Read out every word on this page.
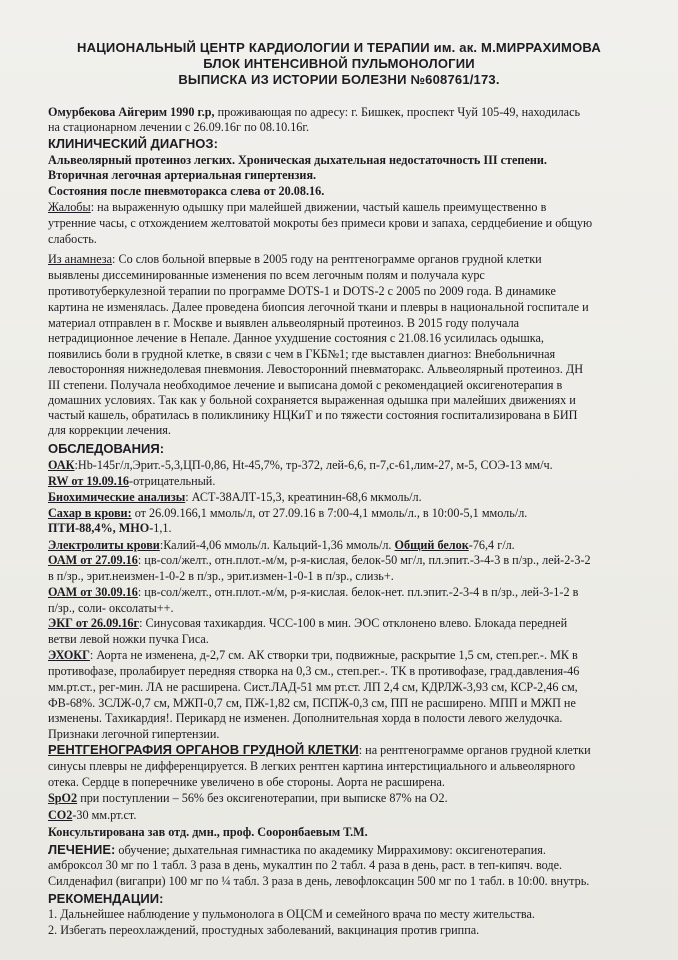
НАЦИОНАЛЬНЫЙ ЦЕНТР КАРДИОЛОГИИ И ТЕРАПИИ им. ак. М.МИРРАХИМОВА
БЛОК ИНТЕНСИВНОЙ ПУЛЬМОНОЛОГИИ
ВЫПИСКА ИЗ ИСТОРИИ БОЛЕЗНИ №608761/173.
Омурбекова Айгерим 1990 г.р, проживающая по адресу: г. Бишкек, проспект Чуй 105-49, находилась
на стационарном лечении с 26.09.16г по 08.10.16г.
КЛИНИЧЕСКИЙ ДИАГНОЗ:
Альвеолярный протеиноз легких. Хроническая дыхательная недостаточность III степени.
Вторичная легочная артериальная гипертензия.
Состояния после пневмоторакса слева от 20.08.16.
Жалобы: на выраженную одышку при малейшей движении, частый кашель преимущественно в
утренние часы, с отхождением желтоватой мокроты без примеси крови и запаха, сердцебиение и общую
слабость.
Из анамнеза: Со слов больной впервые в 2005 году на рентгенограмме органов грудной клетки
выявлены диссеминированные изменения по всем легочным полям и получала курс
противотуберкулезной терапии по программе DOTS-1 и DOTS-2 с 2005 по 2009 года. В динамике
картина не изменялась. Далее проведена биопсия легочной ткани и плевры в национальной госпитале и
материал отправлен в г. Москве и выявлен альвеолярный протеиноз. В 2015 году получала
нетрадиционное лечение в Непале. Данное ухудшение состояния с 21.08.16 усилилась одышка,
появились боли в грудной клетке, в связи с чем в ГКБ№1; где выставлен диагноз: Внебольничная
левосторонняя нижнедолевая пневмония. Левосторонний пневматоракс. Альвеолярный протеиноз. ДН
III степени. Получала необходимое лечение и выписана домой с рекомендацией оксигенотерапия в
домашних условиях. Так как у больной сохраняется выраженная одышка при малейших движениях и
частый кашель, обратилась в поликлинику НЦКиТ и по тяжести состояния госпитализирована в БИП
для коррекции лечения.
ОБСЛЕДОВАНИЯ:
ОАК:Hb-145г/л,Эрит.-5,3,ЦП-0,86, Ht-45,7%, тр-372, лей-6,6, п-7,с-61,лим-27, м-5, СОЭ-13 мм/ч.
RW от 19.09.16-отрицательный.
Биохимические анализы: АСТ-38АЛТ-15,3, креатинин-68,6 мкмоль/л.
Сахар в крови: от 26.09.166,1 ммоль/л, от 27.09.16 в 7:00-4,1 ммоль/л., в 10:00-5,1 ммоль/л.
ПТИ-88,4%, МНО-1,1.
Электролиты крови:Калий-4,06 ммоль/л. Кальций-1,36 ммоль/л. Общий белок-76,4 г/л.
ОАМ от 27.09.16: цв-сол/желт., отн.плот.-м/м, р-я-кислая, белок-50 мг/л, пл.эпит.-3-4-3 в п/зр., лей-2-3-2
в п/зр., эрит.неизмен-1-0-2 в п/зр., эрит.измен-1-0-1 в п/зр., слизь+.
ОАМ от 30.09.16: цв-сол/желт., отн.плот.-м/м, р-я-кислая. белок-нет. пл.эпит.-2-3-4 в п/зр., лей-3-1-2 в
п/зр., соли- оксолаты++.
ЭКГ от 26.09.16г: Синусовая тахикардия. ЧСС-100 в мин. ЭОС отклонено влево. Блокада передней
ветви левой ножки пучка Гиса.
ЭХОКГ: Аорта не изменена, д-2,7 см. АК створки три, подвижные, раскрытие 1,5 см, степ.рег.-. МК в
противофазе, пролабирует передняя створка на 0,3 см., степ.рег.-. ТК в противофазе, град.давления-46
мм.рт.ст., рег-мин. ЛА не расширена. Сист.ЛАД-51 мм рт.ст. ЛП 2,4 см, КДРЛЖ-3,93 см, КСР-2,46 см,
ФВ-68%. ЗСЛЖ-0,7 см, МЖП-0,7 см, ПЖ-1,82 см, ПСПЖ-0,3 см, ПП не расширено. МПП и МЖП не
изменены. Тахикардия!. Перикард не изменен. Дополнительная хорда в полости левого желудочка.
Признаки легочной гипертензии.
РЕНТГЕНОГРАФИЯ ОРГАНОВ ГРУДНОЙ КЛЕТКИ: на рентгенограмме органов грудной клетки
синусы плевры не дифференцируется. В легких рентген картина интерстициального и альвеолярного
отека. Сердце в поперечнике увеличено в обе стороны. Аорта не расширена.
SpO2 при поступлении – 56% без оксигенотерапии, при выписке 87% на О2.
CO2-30 мм.рт.ст.
Консультирована зав отд. дмн., проф. Сооронбаевым Т.М.
ЛЕЧЕНИЕ: обучение; дыхательная гимнастика по академику Миррахимову: оксигенотерапия.
амброксол 30 мг по 1 табл. 3 раза в день, мукалтин по 2 табл. 4 раза в день, раст. в теп-кипяч. воде.
Силденафил (вигапри) 100 мг по ¼ табл. 3 раза в день, левофлоксацин 500 мг по 1 табл. в 10:00. внутрь.
РЕКОМЕНДАЦИИ:
1. Дальнейшее наблюдение у пульмонолога в ОЦСМ и семейного врача по месту жительства.
2. Избегать переохлаждений, простудных заболеваний, вакцинация против гриппа.
